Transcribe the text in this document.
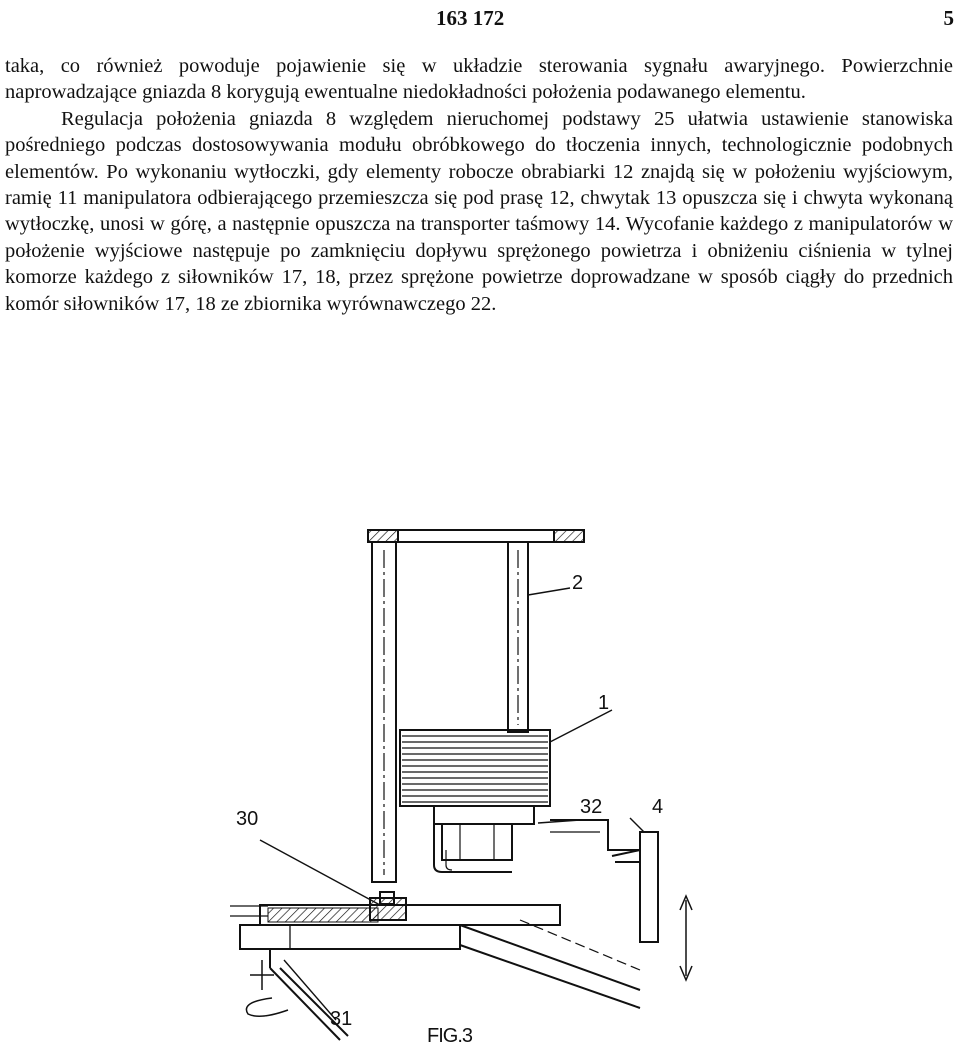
163 172	5

taka, co również powoduje pojawienie się w układzie sterowania sygnału awaryjnego. Powierzchnie naprowadzające gniazda 8 korygują ewentualne niedokładności położenia podawanego elementu.

Regulacja położenia gniazda 8 względem nieruchomej podstawy 25 ułatwia ustawienie stanowiska pośredniego podczas dostosowywania modułu obróbkowego do tłoczenia innych, technologicznie podobnych elementów. Po wykonaniu wytłoczki, gdy elementy robocze obrabiarki 12 znajdą się w położeniu wyjściowym, ramię 11 manipulatora odbierającego przemieszcza się pod prasę 12, chwytak 13 opuszcza się i chwyta wykonaną wytłoczkę, unosi w górę, a następnie opuszcza na transporter taśmowy 14. Wycofanie każdego z manipulatorów w położenie wyjściowe następuje po zamknięciu dopływu sprężonego powietrza i obniżeniu ciśnienia w tylnej komorze każdego z siłowników 17, 18, przez sprężone powietrze doprowadzane w sposób ciągły do przednich komór siłowników 17, 18 ze zbiornika wyrównawczego 22.

2
1
30
32 4
31
FIG.3
